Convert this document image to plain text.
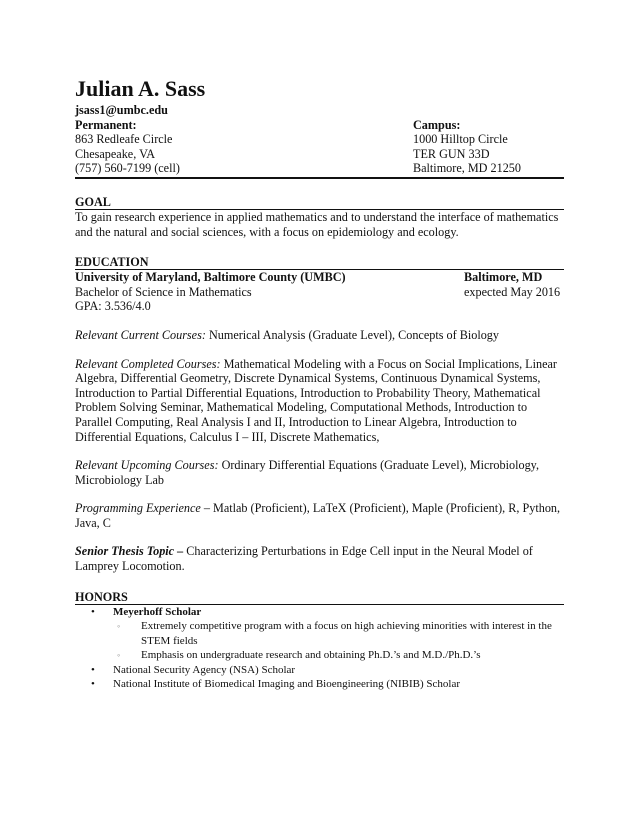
Julian A. Sass
jsass1@umbc.edu
Permanent:
863 Redleafe Circle
Chesapeake, VA
(757) 560-7199 (cell)
Campus:
1000 Hilltop Circle
TER GUN 33D
Baltimore, MD 21250
GOAL
To gain research experience in applied mathematics and to understand the interface of mathematics and the natural and social sciences, with a focus on epidemiology and ecology.
EDUCATION
University of Maryland, Baltimore County (UMBC)	Baltimore, MD
Bachelor of Science in Mathematics	expected May 2016
GPA: 3.536/4.0
Relevant Current Courses: Numerical Analysis (Graduate Level), Concepts of Biology
Relevant Completed Courses: Mathematical Modeling with a Focus on Social Implications, Linear Algebra, Differential Geometry, Discrete Dynamical Systems, Continuous Dynamical Systems, Introduction to Partial Differential Equations, Introduction to Probability Theory, Mathematical Problem Solving Seminar, Mathematical Modeling, Computational Methods, Introduction to Parallel Computing, Real Analysis I and II, Introduction to Linear Algebra, Introduction to Differential Equations, Calculus I – III, Discrete Mathematics,
Relevant Upcoming Courses: Ordinary Differential Equations (Graduate Level), Microbiology, Microbiology Lab
Programming Experience – Matlab (Proficient), LaTeX (Proficient), Maple (Proficient), R, Python, Java, C
Senior Thesis Topic – Characterizing Perturbations in Edge Cell input in the Neural Model of Lamprey Locomotion.
HONORS
• Meyerhoff Scholar
◦ Extremely competitive program with a focus on high achieving minorities with interest in the STEM fields
◦ Emphasis on undergraduate research and obtaining Ph.D.’s and M.D./Ph.D.’s
• National Security Agency (NSA) Scholar
• National Institute of Biomedical Imaging and Bioengineering (NIBIB) Scholar
